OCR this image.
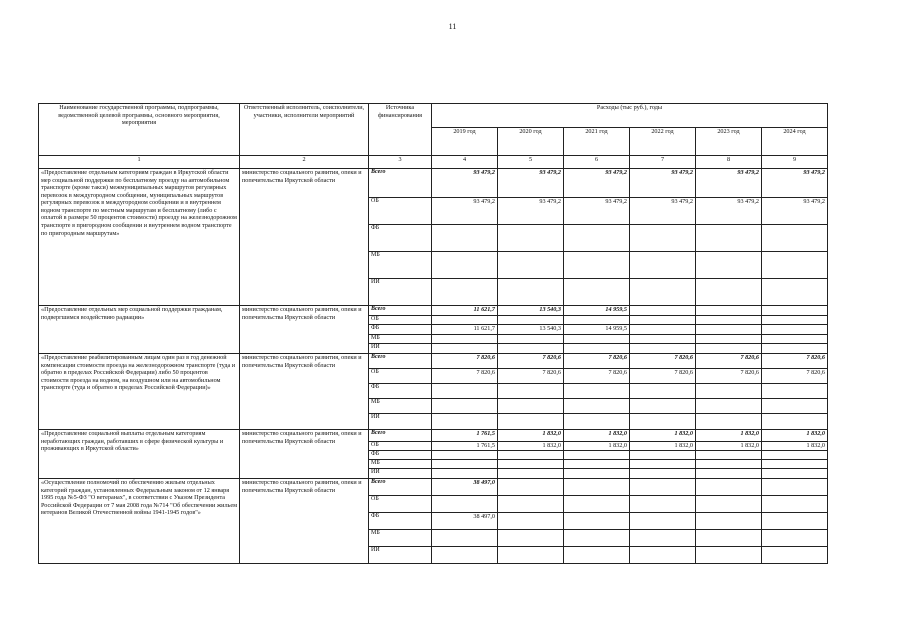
11
Наименование государственной программы, подпрограммы, ведомственной целевой программы, основного мероприятия, мероприятия	Ответственный исполнитель, соисполнители, участники, исполнители мероприятий	Источника финансирования	Расходы (тыс руб.), годы					
			2019 год	2020 год	2021 год	2022 год	2023 год	2024 год
1	2	3	4	5	6	7	8	9
«Предоставление отдельным категориям граждан в Иркутской области мер социальной поддержки по бесплатному проезду на автомобильном транспорте (кроме такси) межмуниципальных маршрутов регулярных перевозок в междугородном сообщении, муниципальных маршрутов регулярных перевозок в междугородном сообщении и в внутреннем водном транспорте по местным маршрутам и бесплатному (либо с оплатой в размере 50 процентов стоимости) проезду на железнодорожном транспорте в пригородном сообщении и внутреннем водном транспорте по пригородным маршрутам»	министерство социального развития, опеки и попечительства Иркутской области	Всего	93 479,2	93 479,2	93 479,2	93 479,2	93 479,2	93 479,2
		ОБ	93 479,2	93 479,2	93 479,2	93 479,2	93 479,2	93 479,2
		ФБ						
		МБ						
		ИИ						
«Предоставление отдельных мер социальной поддержки гражданам, подвергшимся воздействию радиации»	министерство социального развития, опеки и попечительства Иркутской области	Всего	11 621,7	13 540,3	14 959,5			
		ОБ						
		ФБ	11 621,7	13 540,3	14 959,5			
		МБ						
		ИИ						
«Предоставление реабилитированным лицам один раз в год денежной компенсации стоимости проезда на железнодорожном транспорте (туда и обратно в пределах Российской Федерации) либо 50 процентов стоимости проезда на водном, на воздушном или на автомобильном транспорте (туда и обратно в пределах Российской Федерации)»	министерство социального развития, опеки и попечительства Иркутской области	Всего	7 820,6	7 820,6	7 820,6	7 820,6	7 820,6	7 820,6
		ОБ	7 820,6	7 820,6	7 820,6	7 820,6	7 820,6	7 820,6
		ФБ						
		МБ						
		ИИ						
«Предоставление социальной выплаты отдельным категориям неработающих граждан, работавших в сфере физической культуры и проживающих в Иркутской области»	министерство социального развития, опеки и попечительства Иркутской области	Всего	1 761,5	1 832,0	1 832,0	1 832,0	1 832,0	1 832,0
		ОБ	1 761,5	1 832,0	1 832,0	1 832,0	1 832,0	1 832,0
		ФБ						
		МБ						
		ИИ						
«Осуществление полномочий по обеспечению жильем отдельных категорий граждан, установленных Федеральным законом от 12 января 1995 года №5-ФЗ "О ветеранах", в соответствии с Указом Президента Российской Федерации от 7 мая 2008 года №714 "Об обеспечении жильем ветеранов Великой Отечественной войны 1941-1945 годов"»	министерство социального развития, опеки и попечительства Иркутской области	Всего	38 497,0					
		ОБ						
		ФБ	38 497,0					
		МБ						
		ИИ						
